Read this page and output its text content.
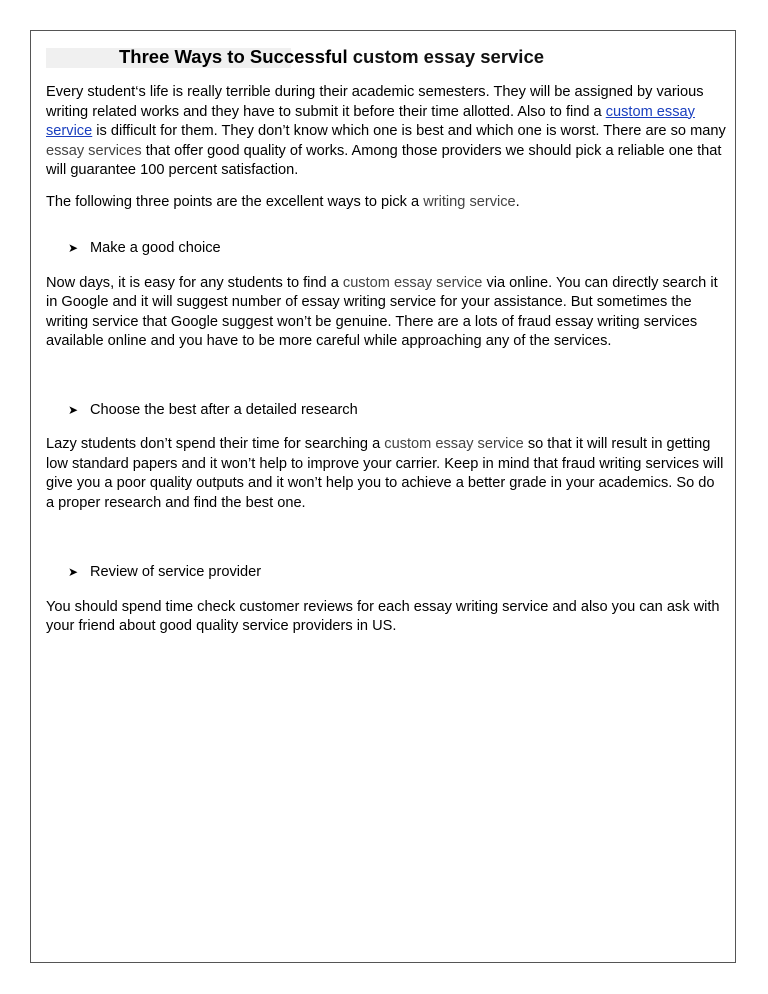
Three Ways to Successful custom essay service

Every student‘s life is really terrible during their academic semesters. They will be assigned by various writing related works and they have to submit it before their time allotted. Also to find a custom essay service is difficult for them. They don’t know which one is best and which one is worst. There are so many essay services that offer good quality of works. Among those providers we should pick a reliable one that will guarantee 100 percent satisfaction.

The following three points are the excellent ways to pick a writing service.

➤ Make a good choice

Now days, it is easy for any students to find a custom essay service via online. You can directly search it in Google and it will suggest number of essay writing service for your assistance. But sometimes the writing service that Google suggest won’t be genuine. There are a lots of fraud essay writing services available online and you have to be more careful while approaching any of the services.

➤ Choose the best after a detailed research

Lazy students don’t spend their time for searching a custom essay service so that it will result in getting low standard papers and it won’t help to improve your carrier. Keep in mind that fraud writing services will give you a poor quality outputs and it won’t help you to achieve a better grade in your academics. So do a proper research and find the best one.

➤ Review of service provider

You should spend time check customer reviews for each essay writing service and also you can ask with your friend about good quality service providers in US.
